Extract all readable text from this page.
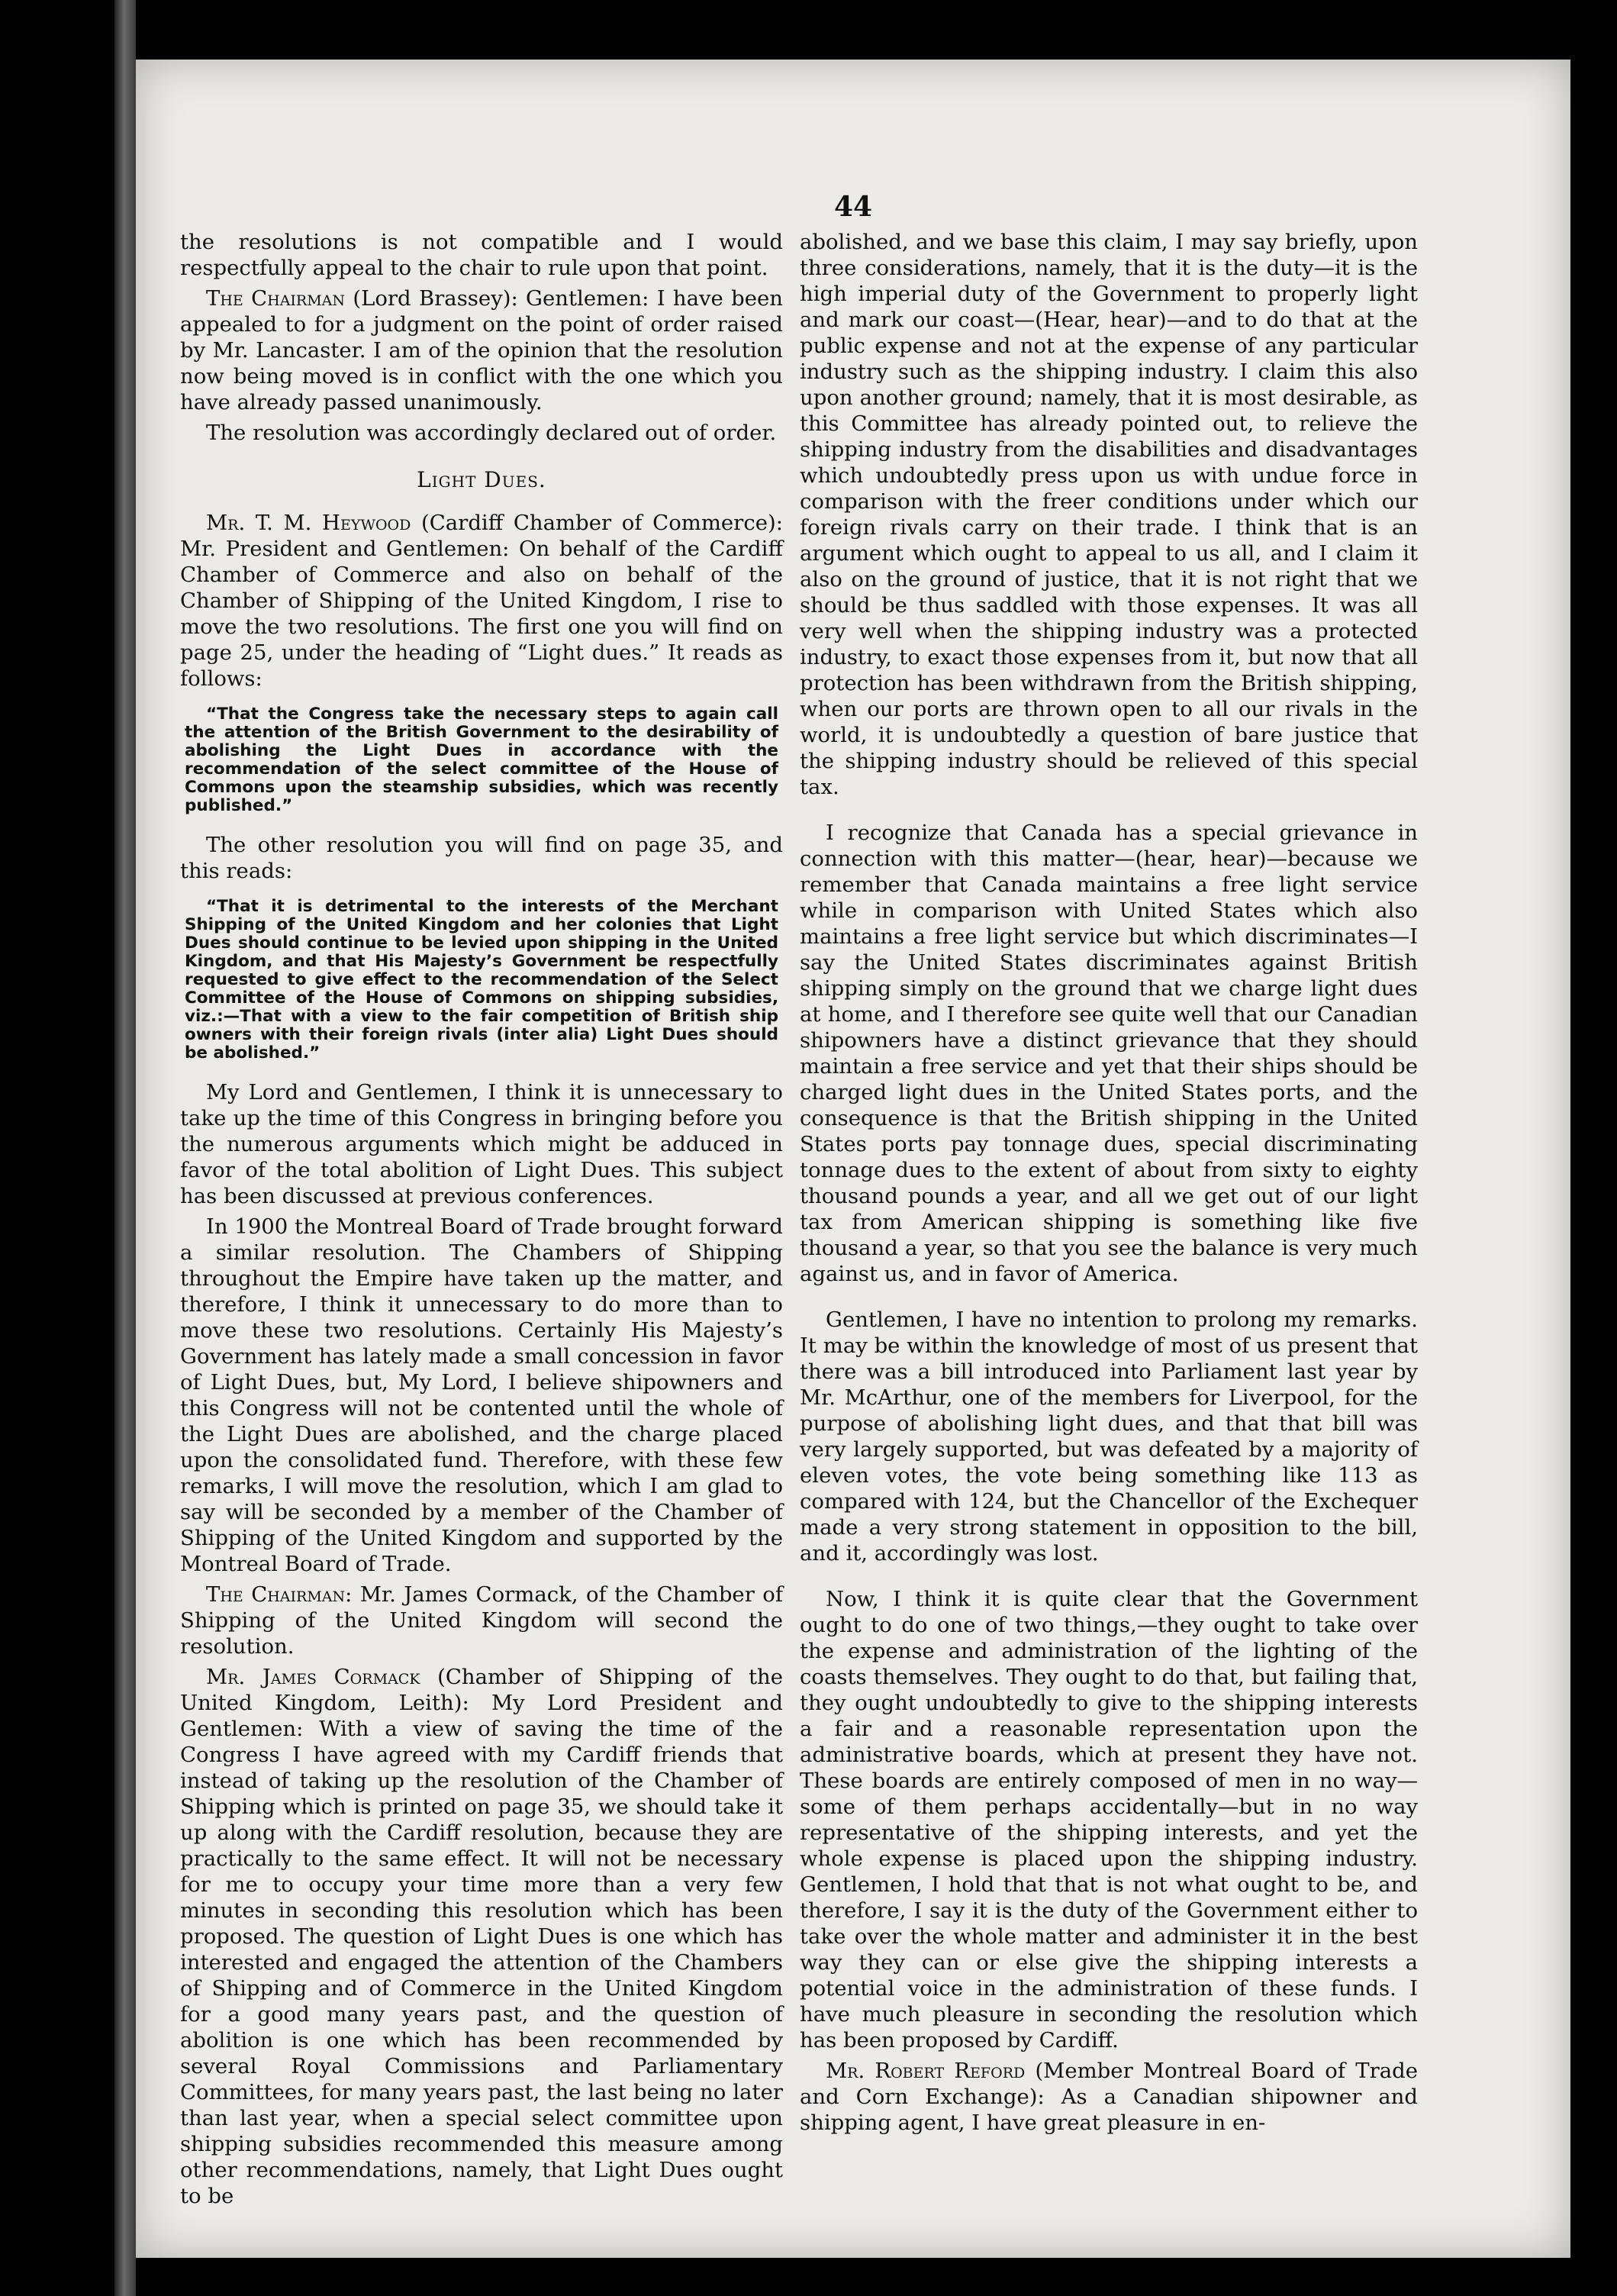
44

the resolutions is not compatible and I would respectfully appeal to the chair to rule upon that point.

The Chairman (Lord Brassey): Gentlemen: I have been appealed to for a judgment on the point of order raised by Mr. Lancaster. I am of the opinion that the resolution now being moved is in conflict with the one which you have already passed unanimously.

The resolution was accordingly declared out of order.

Light Dues.

Mr. T. M. Heywood (Cardiff Chamber of Commerce): Mr. President and Gentlemen: On behalf of the Cardiff Chamber of Commerce and also on behalf of the Chamber of Shipping of the United Kingdom, I rise to move the two resolutions. The first one you will find on page 25, under the heading of “Light dues.” It reads as follows:

“That the Congress take the necessary steps to again call the attention of the British Government to the desirability of abolishing the Light Dues in accordance with the recommendation of the select committee of the House of Commons upon the steamship subsidies, which was recently published.”

The other resolution you will find on page 35, and this reads:

“That it is detrimental to the interests of the Merchant Shipping of the United Kingdom and her colonies that Light Dues should continue to be levied upon shipping in the United Kingdom, and that His Majesty’s Government be respectfully requested to give effect to the recommendation of the Select Committee of the House of Commons on shipping subsidies, viz.:—That with a view to the fair competition of British ship owners with their foreign rivals (inter alia) Light Dues should be abolished.”

My Lord and Gentlemen, I think it is unnecessary to take up the time of this Congress in bringing before you the numerous arguments which might be adduced in favor of the total abolition of Light Dues. This subject has been discussed at previous conferences.

In 1900 the Montreal Board of Trade brought forward a similar resolution. The Chambers of Shipping throughout the Empire have taken up the matter, and therefore, I think it unnecessary to do more than to move these two resolutions. Certainly His Majesty’s Government has lately made a small concession in favor of Light Dues, but, My Lord, I believe shipowners and this Congress will not be contented until the whole of the Light Dues are abolished, and the charge placed upon the consolidated fund. Therefore, with these few remarks, I will move the resolution, which I am glad to say will be seconded by a member of the Chamber of Shipping of the United Kingdom and supported by the Montreal Board of Trade.

The Chairman: Mr. James Cormack, of the Chamber of Shipping of the United Kingdom will second the resolution.

Mr. James Cormack (Chamber of Shipping of the United Kingdom, Leith): My Lord President and Gentlemen: With a view of saving the time of the Congress I have agreed with my Cardiff friends that instead of taking up the resolution of the Chamber of Shipping which is printed on page 35, we should take it up along with the Cardiff resolution, because they are practically to the same effect. It will not be necessary for me to occupy your time more than a very few minutes in seconding this resolution which has been proposed. The question of Light Dues is one which has interested and engaged the attention of the Chambers of Shipping and of Commerce in the United Kingdom for a good many years past, and the question of abolition is one which has been recommended by several Royal Commissions and Parliamentary Committees, for many years past, the last being no later than last year, when a special select committee upon shipping subsidies recommended this measure among other recommendations, namely, that Light Dues ought to be

abolished, and we base this claim, I may say briefly, upon three considerations, namely, that it is the duty—it is the high imperial duty of the Government to properly light and mark our coast—(Hear, hear)—and to do that at the public expense and not at the expense of any particular industry such as the shipping industry. I claim this also upon another ground; namely, that it is most desirable, as this Committee has already pointed out, to relieve the shipping industry from the disabilities and disadvantages which undoubtedly press upon us with undue force in comparison with the freer conditions under which our foreign rivals carry on their trade. I think that is an argument which ought to appeal to us all, and I claim it also on the ground of justice, that it is not right that we should be thus saddled with those expenses. It was all very well when the shipping industry was a protected industry, to exact those expenses from it, but now that all protection has been withdrawn from the British shipping, when our ports are thrown open to all our rivals in the world, it is undoubtedly a question of bare justice that the shipping industry should be relieved of this special tax.

I recognize that Canada has a special grievance in connection with this matter—(hear, hear)—because we remember that Canada maintains a free light service while in comparison with United States which also maintains a free light service but which discriminates—I say the United States discriminates against British shipping simply on the ground that we charge light dues at home, and I therefore see quite well that our Canadian shipowners have a distinct grievance that they should maintain a free service and yet that their ships should be charged light dues in the United States ports, and the consequence is that the British shipping in the United States ports pay tonnage dues, special discriminating tonnage dues to the extent of about from sixty to eighty thousand pounds a year, and all we get out of our light tax from American shipping is something like five thousand a year, so that you see the balance is very much against us, and in favor of America.

Gentlemen, I have no intention to prolong my remarks. It may be within the knowledge of most of us present that there was a bill introduced into Parliament last year by Mr. McArthur, one of the members for Liverpool, for the purpose of abolishing light dues, and that that bill was very largely supported, but was defeated by a majority of eleven votes, the vote being something like 113 as compared with 124, but the Chancellor of the Exchequer made a very strong statement in opposition to the bill, and it, accordingly was lost.

Now, I think it is quite clear that the Government ought to do one of two things,—they ought to take over the expense and administration of the lighting of the coasts themselves. They ought to do that, but failing that, they ought undoubtedly to give to the shipping interests a fair and a reasonable representation upon the administrative boards, which at present they have not. These boards are entirely composed of men in no way—some of them perhaps accidentally—but in no way representative of the shipping interests, and yet the whole expense is placed upon the shipping industry. Gentlemen, I hold that that is not what ought to be, and therefore, I say it is the duty of the Government either to take over the whole matter and administer it in the best way they can or else give the shipping interests a potential voice in the administration of these funds. I have much pleasure in seconding the resolution which has been proposed by Cardiff.

Mr. Robert Reford (Member Montreal Board of Trade and Corn Exchange): As a Canadian shipowner and shipping agent, I have great pleasure in en-
